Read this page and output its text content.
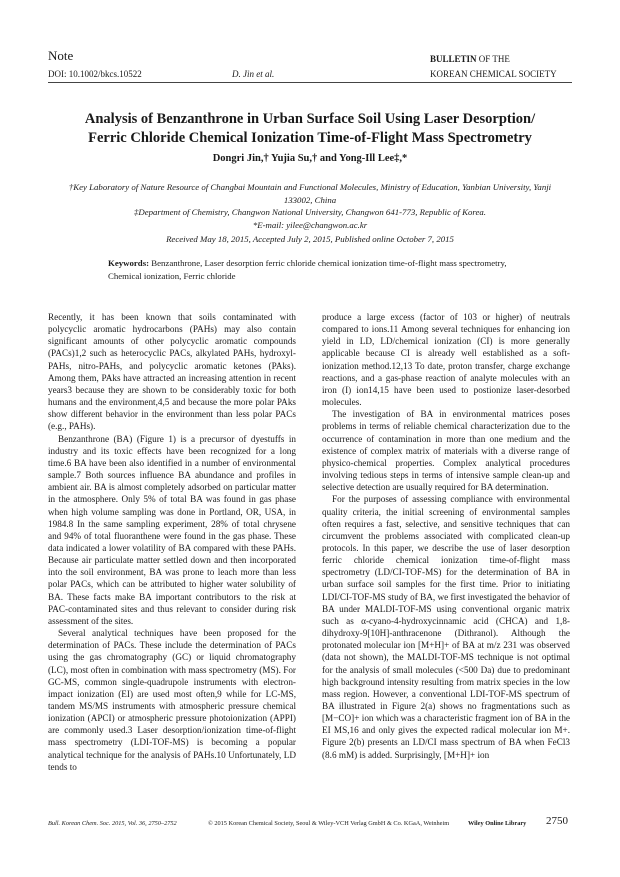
Note
DOI: 10.1002/bkcs.10522	D. Jin et al.
BULLETIN OF THE
KOREAN CHEMICAL SOCIETY
Analysis of Benzanthrone in Urban Surface Soil Using Laser Desorption/
Ferric Chloride Chemical Ionization Time-of-Flight Mass Spectrometry
Dongri Jin,† Yujia Su,† and Yong-Ill Lee‡,*
†Key Laboratory of Nature Resource of Changbai Mountain and Functional Molecules, Ministry of Education, Yanbian University, Yanji 133002, China
‡Department of Chemistry, Changwon National University, Changwon 641-773, Republic of Korea.
*E-mail: yilee@changwon.ac.kr
Received May 18, 2015, Accepted July 2, 2015, Published online October 7, 2015
Keywords: Benzanthrone, Laser desorption ferric chloride chemical ionization time-of-flight mass spectrometry, Chemical ionization, Ferric chloride

Recently, it has been known that soils contaminated with polycyclic aromatic hydrocarbons (PAHs) may also contain significant amounts of other polycyclic aromatic compounds (PACs)1,2 such as heterocyclic PACs, alkylated PAHs, hydroxyl-PAHs, nitro-PAHs, and polycyclic aromatic ketones (PAks). Among them, PAks have attracted an increasing attention in recent years3 because they are shown to be considerably toxic for both humans and the environment,4,5 and because the more polar PAks show different behavior in the environment than less polar PACs (e.g., PAHs).

Benzanthrone (BA) (Figure 1) is a precursor of dyestuffs in industry and its toxic effects have been recognized for a long time.6 BA have been also identified in a number of environmental sample.7 Both sources influence BA abundance and profiles in ambient air. BA is almost completely adsorbed on particular matter in the atmosphere. Only 5% of total BA was found in gas phase when high volume sampling was done in Portland, OR, USA, in 1984.8 In the same sampling experiment, 28% of total chrysene and 94% of total fluoranthene were found in the gas phase. These data indicated a lower volatility of BA compared with these PAHs. Because air particulate matter settled down and then incorporated into the soil environment, BA was prone to leach more than less polar PACs, which can be attributed to higher water solubility of BA. These facts make BA important contributors to the risk at PAC-contaminated sites and thus relevant to consider during risk assessment of the sites.

Several analytical techniques have been proposed for the determination of PACs. These include the determination of PACs using the gas chromatography (GC) or liquid chromatography (LC), most often in combination with mass spectrometry (MS). For GC-MS, common single-quadrupole instruments with electron-impact ionization (EI) are used most often,9 while for LC-MS, tandem MS/MS instruments with atmospheric pressure chemical ionization (APCI) or atmospheric pressure photoionization (APPI) are commonly used.3 Laser desorption/ionization time-of-flight mass spectrometry (LDI-TOF-MS) is becoming a popular analytical technique for the analysis of PAHs.10 Unfortunately, LD tends to

produce a large excess (factor of 103 or higher) of neutrals compared to ions.11 Among several techniques for enhancing ion yield in LD, LD/chemical ionization (CI) is more generally applicable because CI is already well established as a soft-ionization method.12,13 To date, proton transfer, charge exchange reactions, and a gas-phase reaction of analyte molecules with an iron (I) ion14,15 have been used to postionize laser-desorbed molecules.

The investigation of BA in environmental matrices poses problems in terms of reliable chemical characterization due to the occurrence of contamination in more than one medium and the existence of complex matrix of materials with a diverse range of physico-chemical properties. Complex analytical procedures involving tedious steps in terms of intensive sample clean-up and selective detection are usually required for BA determination.

For the purposes of assessing compliance with environmental quality criteria, the initial screening of environmental samples often requires a fast, selective, and sensitive techniques that can circumvent the problems associated with complicated clean-up protocols. In this paper, we describe the use of laser desorption ferric chloride chemical ionization time-of-flight mass spectrometry (LD/CI-TOF-MS) for the determination of BA in urban surface soil samples for the first time. Prior to initiating LDI/CI-TOF-MS study of BA, we first investigated the behavior of BA under MALDI-TOF-MS using conventional organic matrix such as α-cyano-4-hydroxycinnamic acid (CHCA) and 1,8-dihydroxy-9[10H]-anthracenone (Dithranol). Although the protonated molecular ion [M+H]+ of BA at m/z 231 was observed (data not shown), the MALDI-TOF-MS technique is not optimal for the analysis of small molecules (<500 Da) due to predominant high background intensity resulting from matrix species in the low mass region. However, a conventional LDI-TOF-MS spectrum of BA illustrated in Figure 2(a) shows no fragmentations such as [M−CO]+ ion which was a characteristic fragment ion of BA in the EI MS,16 and only gives the expected radical molecular ion M+. Figure 2(b) presents an LD/CI mass spectrum of BA when FeCl3 (8.6 mM) is added. Surprisingly, [M+H]+ ion

Bull. Korean Chem. Soc. 2015, Vol. 36, 2750–2752	© 2015 Korean Chemical Society, Seoul & Wiley-VCH Verlag GmbH & Co. KGaA, Weinheim	Wiley Online Library 2750
